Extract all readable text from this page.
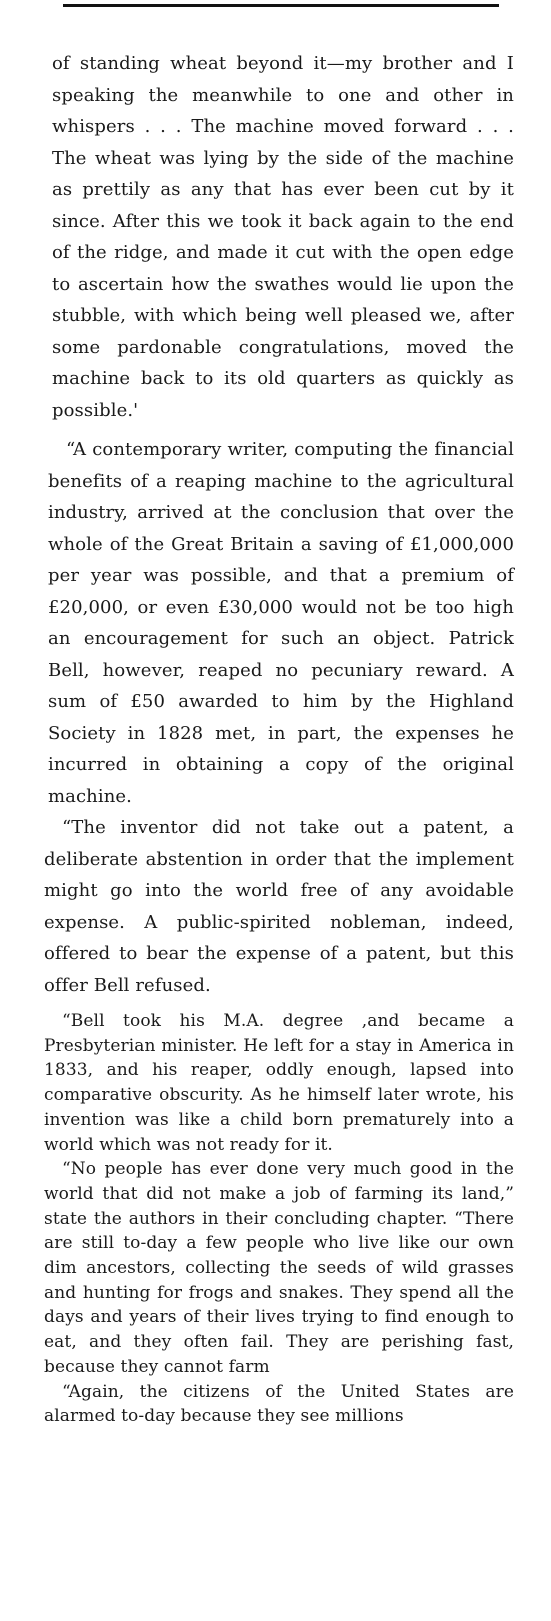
of standing wheat beyond it—my brother and I speaking the meanwhile to one and other in whispers . . . The machine moved forward . . . The wheat was lying by the side of the machine as prettily as any that has ever been cut by it since. After this we took it back again to the end of the ridge, and made it cut with the open edge to ascertain how the swathes would lie upon the stubble, with which being well pleased we, after some pardonable congratulations, moved the machine back to its old quarters as quickly as possible.'

“A contemporary writer, computing the financial benefits of a reaping machine to the agricultural industry, arrived at the conclusion that over the whole of the Great Britain a saving of £1,000,000 per year was possible, and that a premium of £20,000, or even £30,000 would not be too high an encouragement for such an object. Patrick Bell, however, reaped no pecuniary reward. A sum of £50 awarded to him by the Highland Society in 1828 met, in part, the expenses he incurred in obtaining a copy of the original machine.

“The inventor did not take out a patent, a deliberate abstention in order that the implement might go into the world free of any avoidable expense. A public-spirited nobleman, indeed, offered to bear the expense of a patent, but this offer Bell refused.

“Bell took his M.A. degree ,and became a Presbyterian minister. He left for a stay in America in 1833, and his reaper, oddly enough, lapsed into comparative obscurity. As he himself later wrote, his invention was like a child born prematurely into a world which was not ready for it.

“No people has ever done very much good in the world that did not make a job of farming its land,” state the authors in their concluding chapter. “There are still to-day a few people who live like our own dim ancestors, collecting the seeds of wild grasses and hunting for frogs and snakes. They spend all the days and years of their lives trying to find enough to eat, and they often fail. They are perishing fast, because they cannot farm

“Again, the citizens of the United States are alarmed to-day because they see millions
